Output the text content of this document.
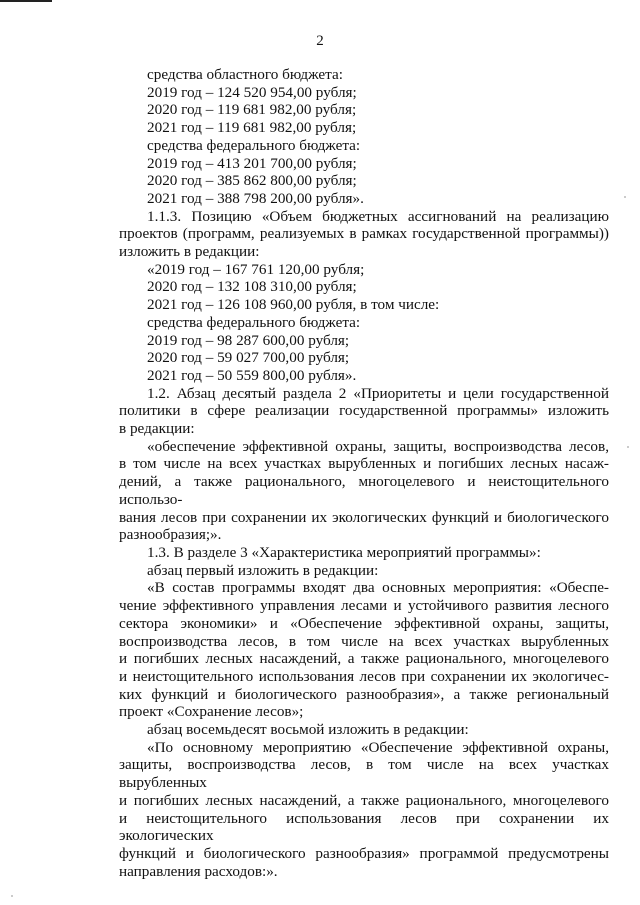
2

средства областного бюджета:

2019 год – 124 520 954,00 рубля;

2020 год – 119 681 982,00 рубля;

2021 год – 119 681 982,00 рубля;

средства федерального бюджета:

2019 год – 413 201 700,00 рубля;

2020 год – 385 862 800,00 рубля;

2021 год – 388 798 200,00 рубля».

1.1.3. Позицию «Объем бюджетных ассигнований на реализацию

проектов (программ, реализуемых в рамках государственной программы))

изложить в редакции:

«2019 год – 167 761 120,00 рубля;

2020 год – 132 108 310,00 рубля;

2021 год – 126 108 960,00 рубля, в том числе:

средства федерального бюджета:

2019 год – 98 287 600,00 рубля;

2020 год – 59 027 700,00 рубля;

2021 год – 50 559 800,00 рубля».

1.2. Абзац десятый раздела 2 «Приоритеты и цели государственной

политики в сфере реализации государственной программы» изложить

в редакции:

«обеспечение эффективной охраны, защиты, воспроизводства лесов,

в том числе на всех участках вырубленных и погибших лесных насаж-

дений, а также рационального, многоцелевого и неистощительного использо-

вания лесов при сохранении их экологических функций и биологического

разнообразия;».

1.3. В разделе 3 «Характеристика мероприятий программы»:

абзац первый изложить в редакции:

«В состав программы входят два основных мероприятия: «Обеспе-

чение эффективного управления лесами и устойчивого развития лесного

сектора экономики» и «Обеспечение эффективной охраны, защиты,

воспроизводства лесов, в том числе на всех участках вырубленных

и погибших лесных насаждений, а также рационального, многоцелевого

и неистощительного использования лесов при сохранении их экологичес-

ких функций и биологического разнообразия», а также региональный

проект «Сохранение лесов»;

абзац восемьдесят восьмой изложить в редакции:

«По основному мероприятию «Обеспечение эффективной охраны,

защиты, воспроизводства лесов, в том числе на всех участках вырубленных

и погибших лесных насаждений, а также рационального, многоцелевого

и неистощительного использования лесов при сохранении их экологических

функций и биологического разнообразия» программой предусмотрены

направления расходов:».
